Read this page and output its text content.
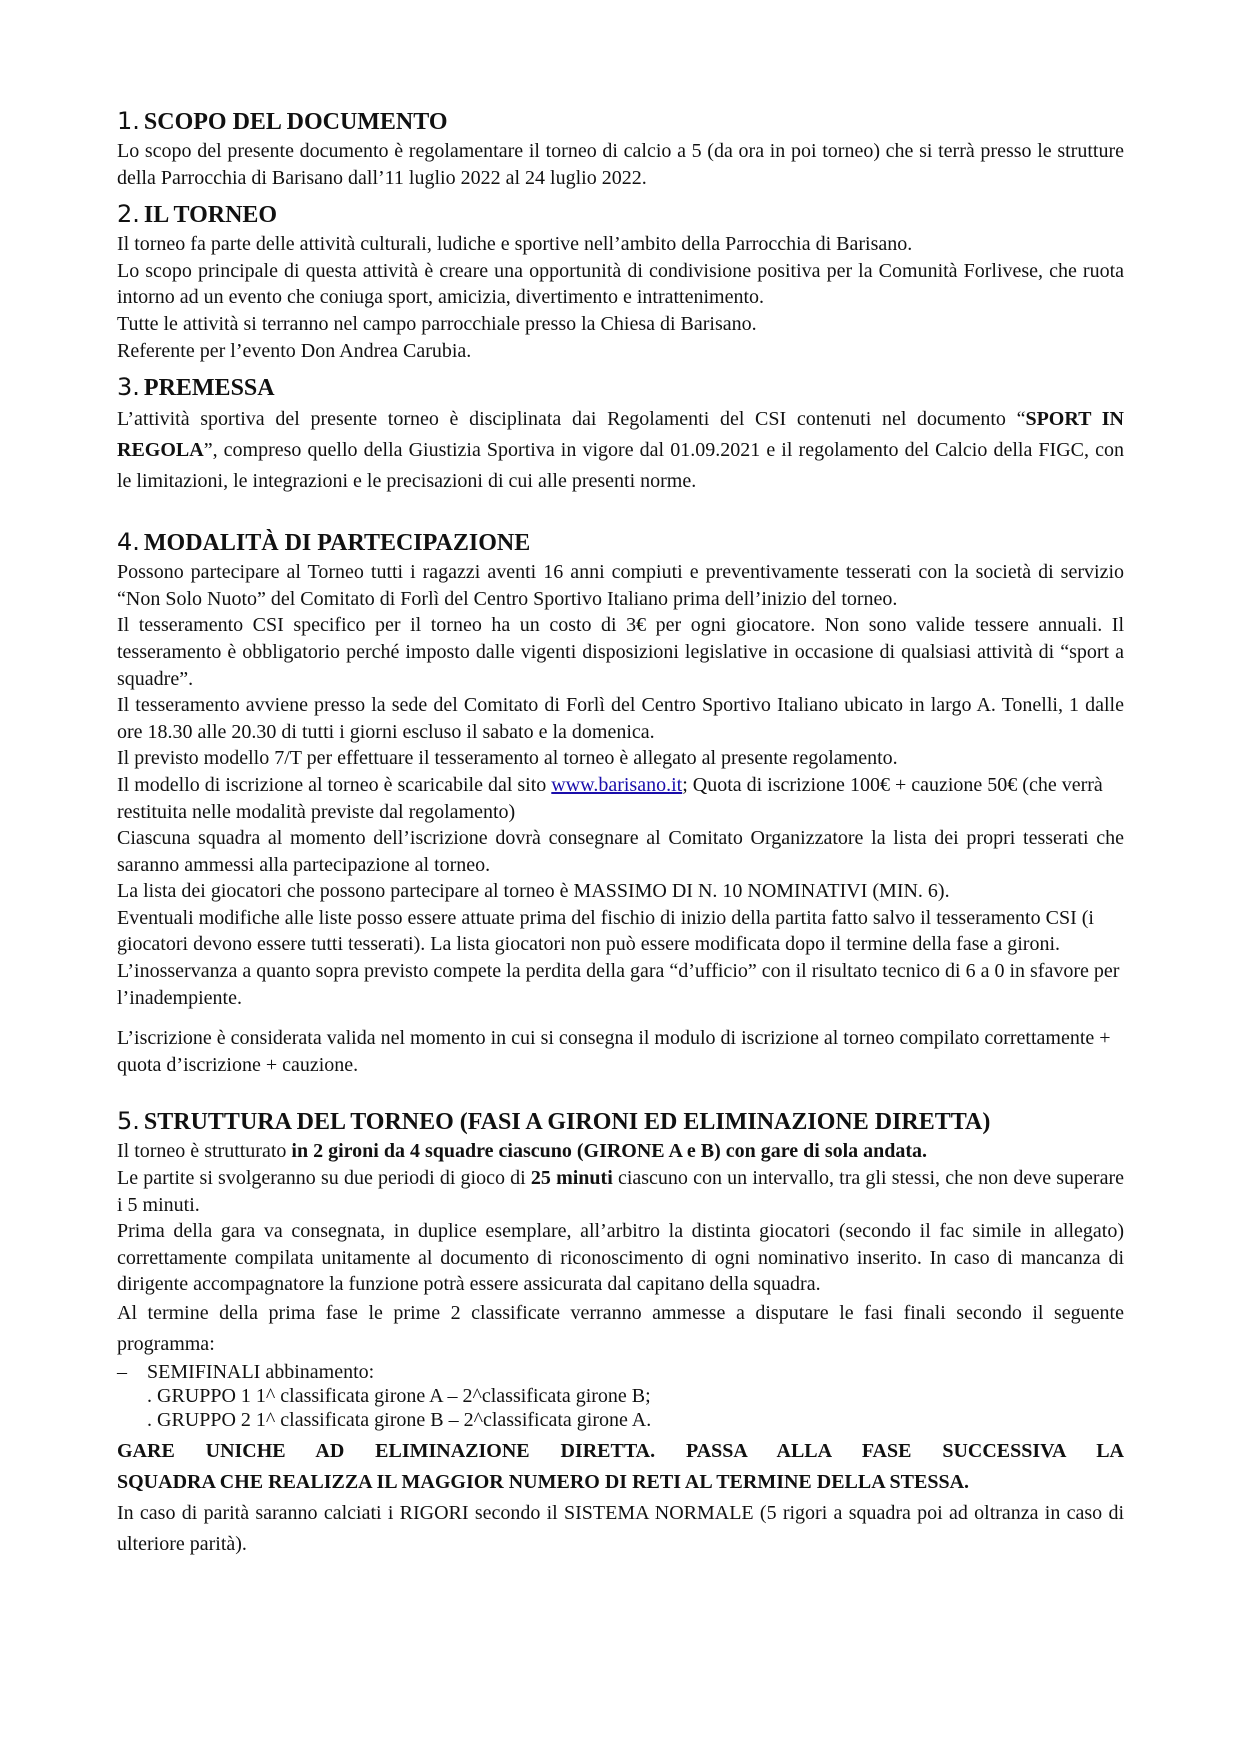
1. SCOPO DEL DOCUMENTO

Lo scopo del presente documento è regolamentare il torneo di calcio a 5 (da ora in poi torneo) che si terrà presso le strutture della Parrocchia di Barisano dall’11 luglio 2022 al 24 luglio 2022.

2. IL TORNEO

Il torneo fa parte delle attività culturali, ludiche e sportive nell’ambito della Parrocchia di Barisano.

Lo scopo principale di questa attività è creare una opportunità di condivisione positiva per la Comunità Forlivese, che ruota intorno ad un evento che coniuga sport, amicizia, divertimento e intrattenimento.

Tutte le attività si terranno nel campo parrocchiale presso la Chiesa di Barisano.

Referente per l’evento Don Andrea Carubia.

3. PREMESSA

L’attività sportiva del presente torneo è disciplinata dai Regolamenti del CSI contenuti nel documento “SPORT IN REGOLA”, compreso quello della Giustizia Sportiva in vigore dal 01.09.2021 e il regolamento del Calcio della FIGC, con le limitazioni, le integrazioni e le precisazioni di cui alle presenti norme.

4. MODALITÀ DI PARTECIPAZIONE

Possono partecipare al Torneo tutti i ragazzi aventi 16 anni compiuti e preventivamente tesserati con la società di servizio “Non Solo Nuoto” del Comitato di Forlì del Centro Sportivo Italiano prima dell’inizio del torneo.

Il tesseramento CSI specifico per il torneo ha un costo di 3€ per ogni giocatore. Non sono valide tessere annuali. Il tesseramento è obbligatorio perché imposto dalle vigenti disposizioni legislative in occasione di qualsiasi attività di “sport a squadre”.

Il tesseramento avviene presso la sede del Comitato di Forlì del Centro Sportivo Italiano ubicato in largo A. Tonelli, 1 dalle ore 18.30 alle 20.30 di tutti i giorni escluso il sabato e la domenica.

Il previsto modello 7/T per effettuare il tesseramento al torneo è allegato al presente regolamento.

Il modello di iscrizione al torneo è scaricabile dal sito www.barisano.it; Quota di iscrizione 100€ + cauzione 50€ (che verrà restituita nelle modalità previste dal regolamento)

Ciascuna squadra al momento dell’iscrizione dovrà consegnare al Comitato Organizzatore la lista dei propri tesserati che saranno ammessi alla partecipazione al torneo.

La lista dei giocatori che possono partecipare al torneo è MASSIMO DI N. 10 NOMINATIVI (MIN. 6).

Eventuali modifiche alle liste posso essere attuate prima del fischio di inizio della partita fatto salvo il tesseramento CSI (i giocatori devono essere tutti tesserati). La lista giocatori non può essere modificata dopo il termine della fase a gironi. L’inosservanza a quanto sopra previsto compete la perdita della gara “d’ufficio” con il risultato tecnico di 6 a 0 in sfavore per l’inadempiente.

L’iscrizione è considerata valida nel momento in cui si consegna il modulo di iscrizione al torneo compilato correttamente + quota d’iscrizione + cauzione.

5. STRUTTURA DEL TORNEO (FASI A GIRONI ED ELIMINAZIONE DIRETTA)

Il torneo è strutturato in 2 gironi da 4 squadre ciascuno (GIRONE A e B) con gare di sola andata.

Le partite si svolgeranno su due periodi di gioco di 25 minuti ciascuno con un intervallo, tra gli stessi, che non deve superare i 5 minuti.

Prima della gara va consegnata, in duplice esemplare, all’arbitro la distinta giocatori (secondo il fac simile in allegato) correttamente compilata unitamente al documento di riconoscimento di ogni nominativo inserito. In caso di mancanza di dirigente accompagnatore la funzione potrà essere assicurata dal capitano della squadra.

Al termine della prima fase le prime 2 classificate verranno ammesse a disputare le fasi finali secondo il seguente programma:

–	SEMIFINALI abbinamento:
. GRUPPO 1 1^ classificata girone A – 2^classificata girone B;
. GRUPPO 2 1^ classificata girone B – 2^classificata girone A.
GARE UNICHE AD ELIMINAZIONE DIRETTA. PASSA ALLA FASE SUCCESSIVA LA
SQUADRA CHE REALIZZA IL MAGGIOR NUMERO DI RETI AL TERMINE DELLA STESSA.

In caso di parità saranno calciati i RIGORI secondo il SISTEMA NORMALE (5 rigori a squadra poi ad oltranza in caso di ulteriore parità).
